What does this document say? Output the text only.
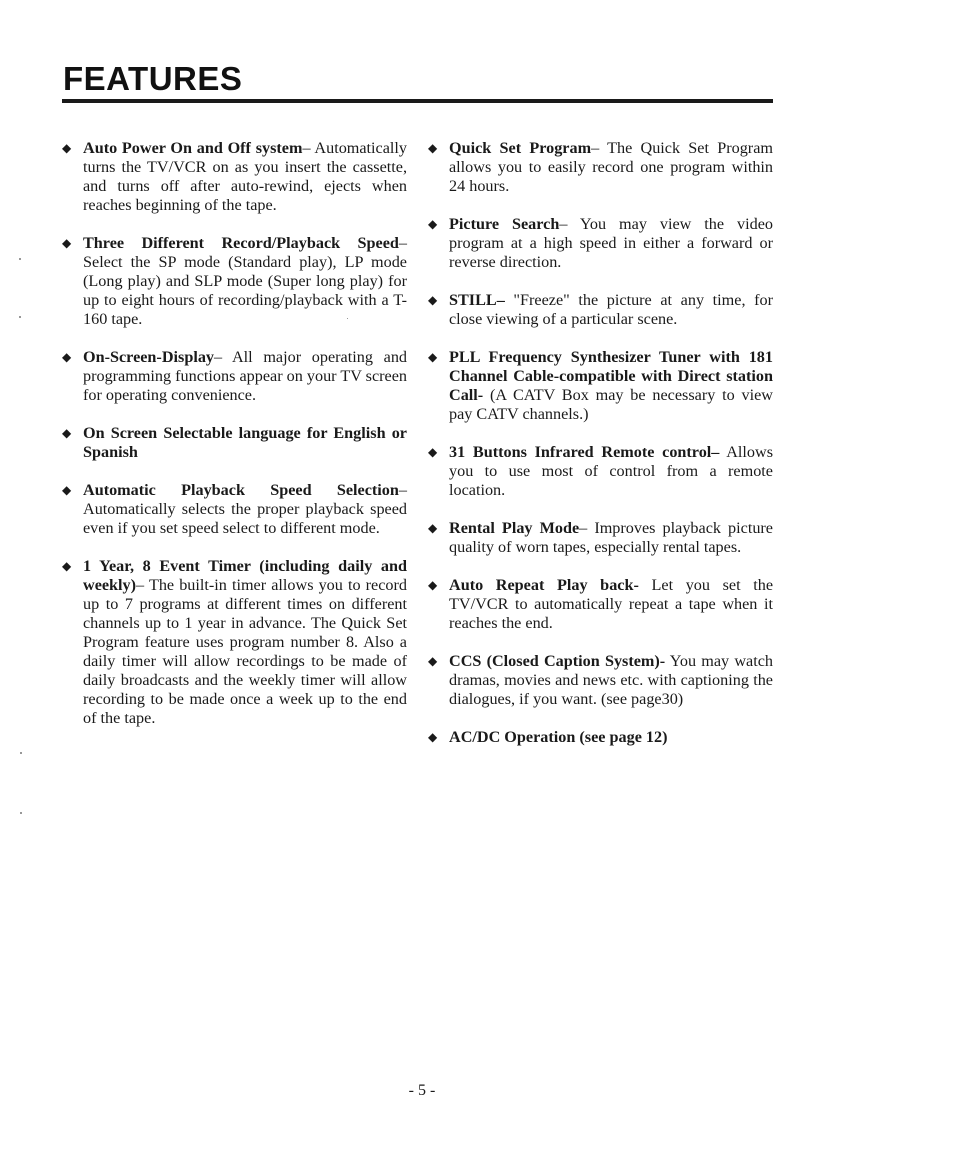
FEATURES
◆ Auto Power On and Off system– Automatically turns the TV/VCR on as you insert the cassette, and turns off after auto-rewind, ejects when reaches beginning of the tape.
◆ Three Different Record/Playback Speed– Select the SP mode (Standard play), LP mode (Long play) and SLP mode (Super long play) for up to eight hours of recording/playback with a T-160 tape.
◆ On-Screen-Display– All major operating and programming functions appear on your TV screen for operating convenience.
◆ On Screen Selectable language for English or Spanish
◆ Automatic Playback Speed Selection– Automatically selects the proper playback speed even if you set speed select to different mode.
◆ 1 Year, 8 Event Timer (including daily and weekly)– The built-in timer allows you to record up to 7 programs at different times on different channels up to 1 year in advance. The Quick Set Program feature uses program number 8. Also a daily timer will allow recordings to be made of daily broadcasts and the weekly timer will allow recording to be made once a week up to the end of the tape.
◆ Quick Set Program– The Quick Set Program allows you to easily record one program within 24 hours.
◆ Picture Search– You may view the video program at a high speed in either a forward or reverse direction.
◆ STILL– "Freeze" the picture at any time, for close viewing of a particular scene.
◆ PLL Frequency Synthesizer Tuner with 181 Channel Cable-compatible with Direct station Call- (A CATV Box may be necessary to view pay CATV channels.)
◆ 31 Buttons Infrared Remote control– Allows you to use most of control from a remote location.
◆ Rental Play Mode– Improves playback picture quality of worn tapes, especially rental tapes.
◆ Auto Repeat Play back- Let you set the TV/VCR to automatically repeat a tape when it reaches the end.
◆ CCS (Closed Caption System)- You may watch dramas, movies and news etc. with captioning the dialogues, if you want. (see page30)
◆ AC/DC Operation (see page 12)
- 5 -
